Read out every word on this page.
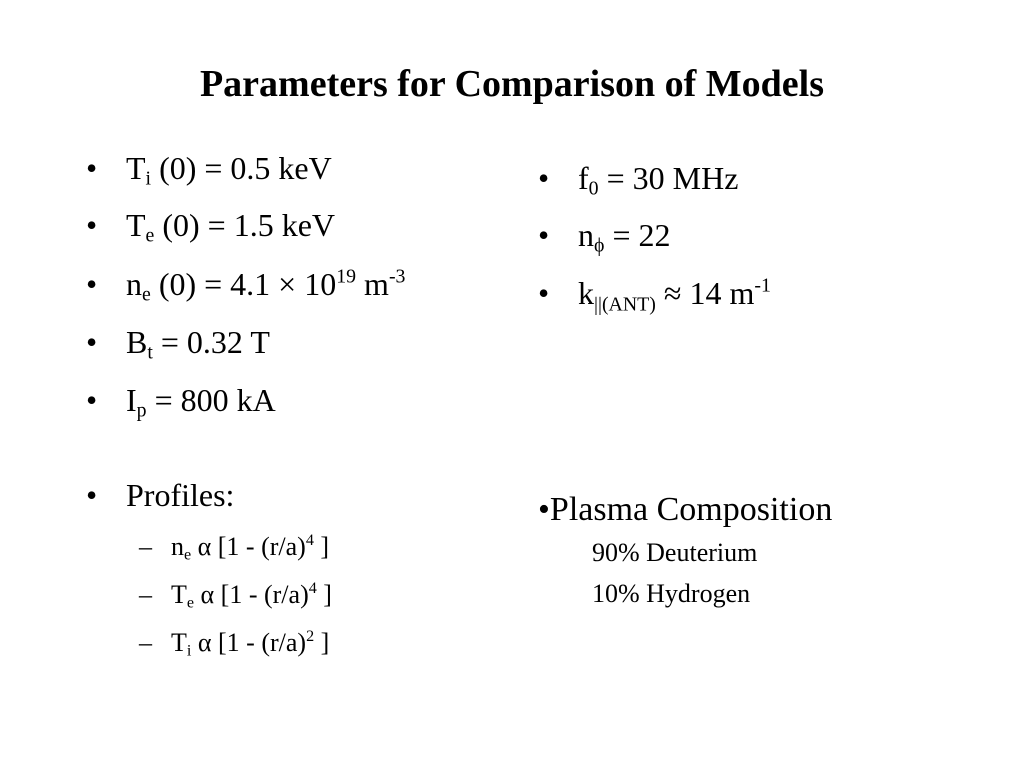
Parameters for Comparison of Models
• $T_i$ (0) = 0.5 keV
• $T_e$ (0) = 1.5 keV
• $n_e$ $(0) = 4.1 \times 10^{19}$ $m^{-3}$
• $B_t = 0.32$ T
• $I_p = 800$ kA
• Profiles:
– $n_e$ α [$1 - (r/a)^4$ ]
– $T_e$ α [$1 - (r/a)^4$ ]
– $T_i$ α [$1 - (r/a)^2$ ]
• $f_0 = 30$ MHz
• $n_\phi = 22$
• k||(ANT) ≈ 14 $m^{-1}$
•Plasma Composition
90% Deuterium
10% Hydrogen
